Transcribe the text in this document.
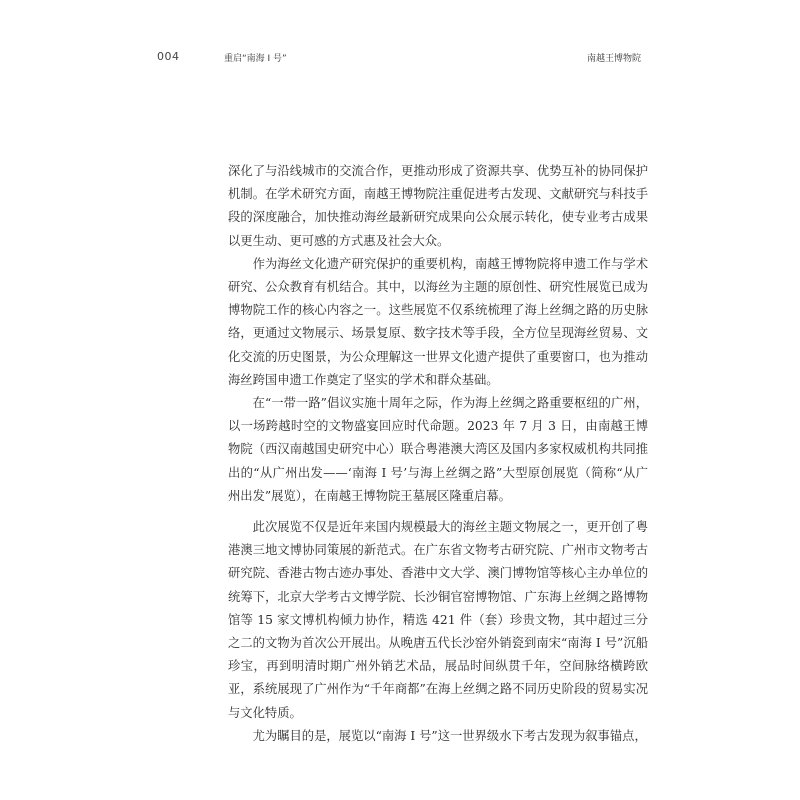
004	重启“南海 I 号”	南越王博物院

深化了与沿线城市的交流合作，更推动形成了资源共享、优势互补的协同保护机制。在学术研究方面，南越王博物院注重促进考古发现、文献研究与科技手段的深度融合，加快推动海丝最新研究成果向公众展示转化，使专业考古成果以更生动、更可感的方式惠及社会大众。

作为海丝文化遗产研究保护的重要机构，南越王博物院将申遗工作与学术研究、公众教育有机结合。其中，以海丝为主题的原创性、研究性展览已成为博物院工作的核心内容之一。这些展览不仅系统梳理了海上丝绸之路的历史脉络，更通过文物展示、场景复原、数字技术等手段，全方位呈现海丝贸易、文化交流的历史图景，为公众理解这一世界文化遗产提供了重要窗口，也为推动海丝跨国申遗工作奠定了坚实的学术和群众基础。

在“一带一路”倡议实施十周年之际，作为海上丝绸之路重要枢纽的广州，以一场跨越时空的文物盛宴回应时代命题。2023 年 7 月 3 日，由南越王博物院（西汉南越国史研究中心）联合粤港澳大湾区及国内多家权威机构共同推出的“从广州出发——‘南海 I 号’与海上丝绸之路”大型原创展览（简称“从广州出发”展览），在南越王博物院王墓展区隆重启幕。

此次展览不仅是近年来国内规模最大的海丝主题文物展之一，更开创了粤港澳三地文博协同策展的新范式。在广东省文物考古研究院、广州市文物考古研究院、香港古物古迹办事处、香港中文大学、澳门博物馆等核心主办单位的统筹下，北京大学考古文博学院、长沙铜官窑博物馆、广东海上丝绸之路博物馆等 15 家文博机构倾力协作，精选 421 件（套）珍贵文物，其中超过三分之二的文物为首次公开展出。从晚唐五代长沙窑外销瓷到南宋“南海 I 号”沉船珍宝，再到明清时期广州外销艺术品，展品时间纵贯千年，空间脉络横跨欧亚，系统展现了广州作为“千年商都”在海上丝绸之路不同历史阶段的贸易实况与文化特质。

尤为瞩目的是，展览以“南海 I 号”这一世界级水下考古发现为叙事锚点，
